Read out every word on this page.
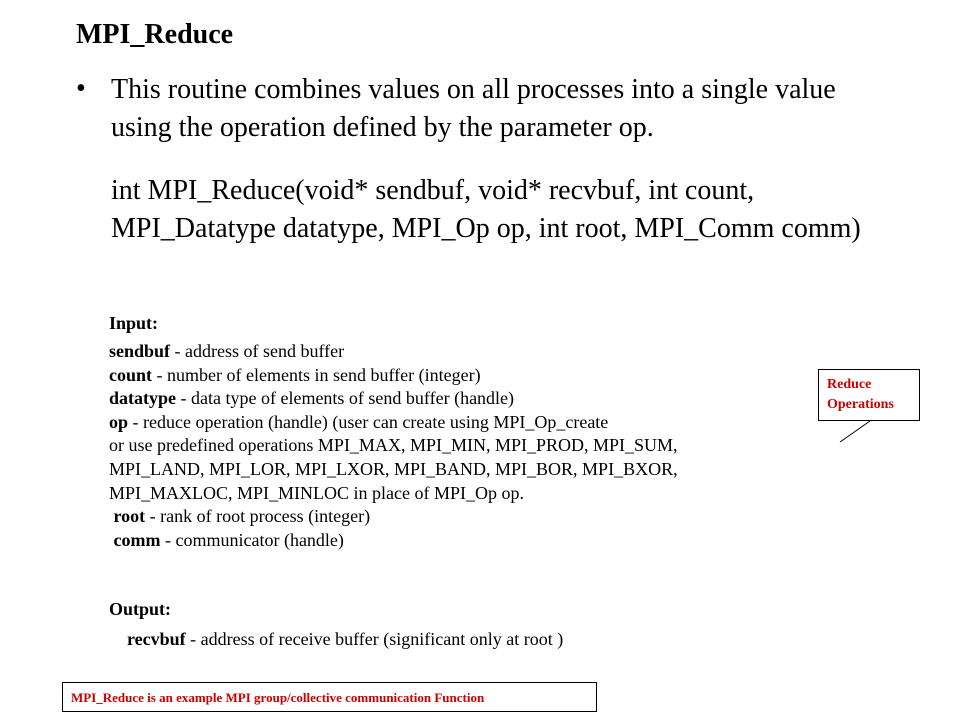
MPI_Reduce
• This routine combines values on all processes into a single value using the operation defined by the parameter op.
int MPI_Reduce(void* sendbuf, void* recvbuf, int count, MPI_Datatype datatype, MPI_Op op, int root, MPI_Comm comm)
Input:
sendbuf - address of send buffer
count - number of elements in send buffer (integer)
datatype - data type of elements of send buffer (handle)
op - reduce operation (handle) (user can create using MPI_Op_create
or use predefined operations MPI_MAX, MPI_MIN, MPI_PROD, MPI_SUM,
MPI_LAND, MPI_LOR, MPI_LXOR, MPI_BAND, MPI_BOR, MPI_BXOR,
MPI_MAXLOC, MPI_MINLOC in place of MPI_Op op.
root - rank of root process (integer)
comm - communicator (handle)
Output:
recvbuf - address of receive buffer (significant only at root )
Reduce
Operations
MPI_Reduce is an example MPI group/collective communication Function
